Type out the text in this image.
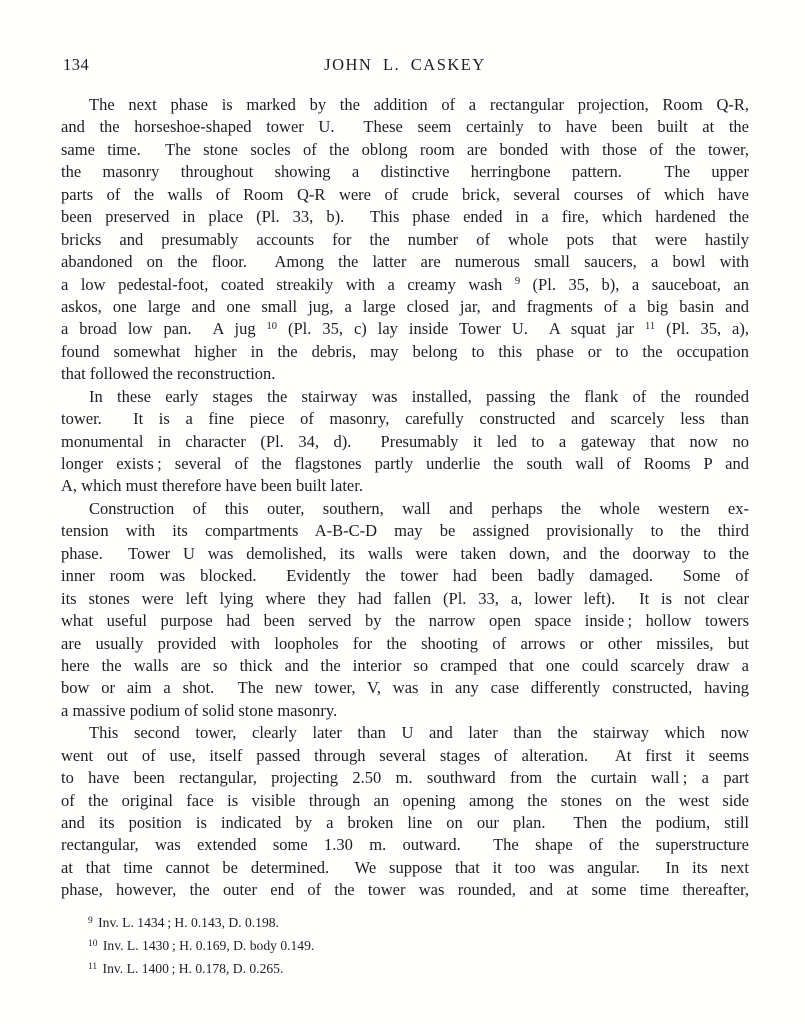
134	JOHN L. CASKEY
The next phase is marked by the addition of a rectangular projection, Room Q-R,
and the horseshoe-shaped tower U.  These seem certainly to have been built at the
same time.  The stone socles of the oblong room are bonded with those of the tower,
the masonry throughout showing a distinctive herringbone pattern.  The upper
parts of the walls of Room Q-R were of crude brick, several courses of which have
been preserved in place (Pl. 33, b).  This phase ended in a fire, which hardened the
bricks and presumably accounts for the number of whole pots that were hastily
abandoned on the floor.  Among the latter are numerous small saucers, a bowl with
a low pedestal-foot, coated streakily with a creamy wash $^9$ (Pl. 35, b), a sauceboat, an
askos, one large and one small jug, a large closed jar, and fragments of a big basin and
a broad low pan.  A jug $^{10}$ (Pl. 35, c) lay inside Tower U.  A squat jar $^{11}$ (Pl. 35, a),
found somewhat higher in the debris, may belong to this phase or to the occupation
that followed the reconstruction.
In these early stages the stairway was installed, passing the flank of the rounded
tower.  It is a fine piece of masonry, carefully constructed and scarcely less than
monumental in character (Pl. 34, d).  Presumably it led to a gateway that now no
longer exists ; several of the flagstones partly underlie the south wall of Rooms P and
A, which must therefore have been built later.
Construction of this outer, southern, wall and perhaps the whole western ex-
tension with its compartments A-B-C-D may be assigned provisionally to the third
phase.  Tower U was demolished, its walls were taken down, and the doorway to the
inner room was blocked.  Evidently the tower had been badly damaged.  Some of
its stones were left lying where they had fallen (Pl. 33, a, lower left).  It is not clear
what useful purpose had been served by the narrow open space inside ; hollow towers
are usually provided with loopholes for the shooting of arrows or other missiles, but
here the walls are so thick and the interior so cramped that one could scarcely draw a
bow or aim a shot.  The new tower, V, was in any case differently constructed, having
a massive podium of solid stone masonry.
This second tower, clearly later than U and later than the stairway which now
went out of use, itself passed through several stages of alteration.  At first it seems
to have been rectangular, projecting 2.50 m. southward from the curtain wall ; a part
of the original face is visible through an opening among the stones on the west side
and its position is indicated by a broken line on our plan.  Then the podium, still
rectangular, was extended some 1.30 m. outward.  The shape of the superstructure
at that time cannot be determined.  We suppose that it too was angular.  In its next
phase, however, the outer end of the tower was rounded, and at some time thereafter,
$^9$ Inv. L. 1434 ; H. 0.143, D. 0.198.
$^{10}$ Inv. L. 1430 ; H. 0.169, D. body 0.149.
$^{11}$ Inv. L. 1400 ; H. 0.178, D. 0.265.
